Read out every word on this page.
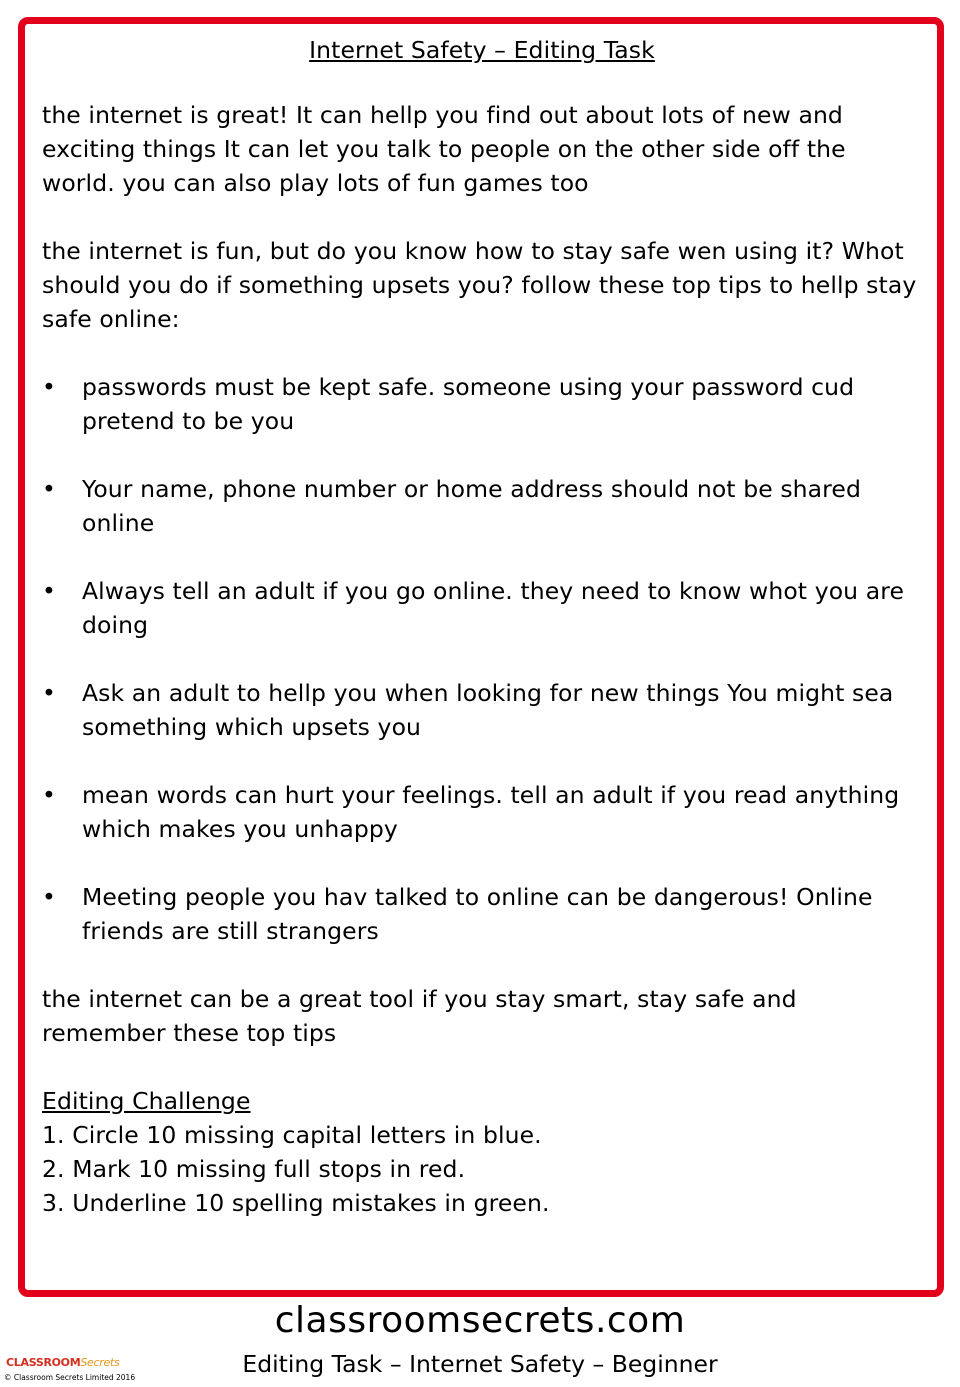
Internet Safety – Editing Task

the internet is great! It can hellp you find out about lots of new and exciting things It can let you talk to people on the other side off the world. you can also play lots of fun games too

the internet is fun, but do you know how to stay safe wen using it? Whot should you do if something upsets you? follow these top tips to hellp stay safe online:

• passwords must be kept safe. someone using your password cud pretend to be you
• Your name, phone number or home address should not be shared online
• Always tell an adult if you go online. they need to know whot you are doing
• Ask an adult to hellp you when looking for new things You might sea something which upsets you
• mean words can hurt your feelings. tell an adult if you read anything which makes you unhappy
• Meeting people you hav talked to online can be dangerous! Online friends are still strangers

the internet can be a great tool if you stay smart, stay safe and remember these top tips

Editing Challenge
1. Circle 10 missing capital letters in blue.
2. Mark 10 missing full stops in red.
3. Underline 10 spelling mistakes in green.
classroomsecrets.com
Editing Task – Internet Safety – Beginner
CLASSROOMSecrets
© Classroom Secrets Limited 2016
